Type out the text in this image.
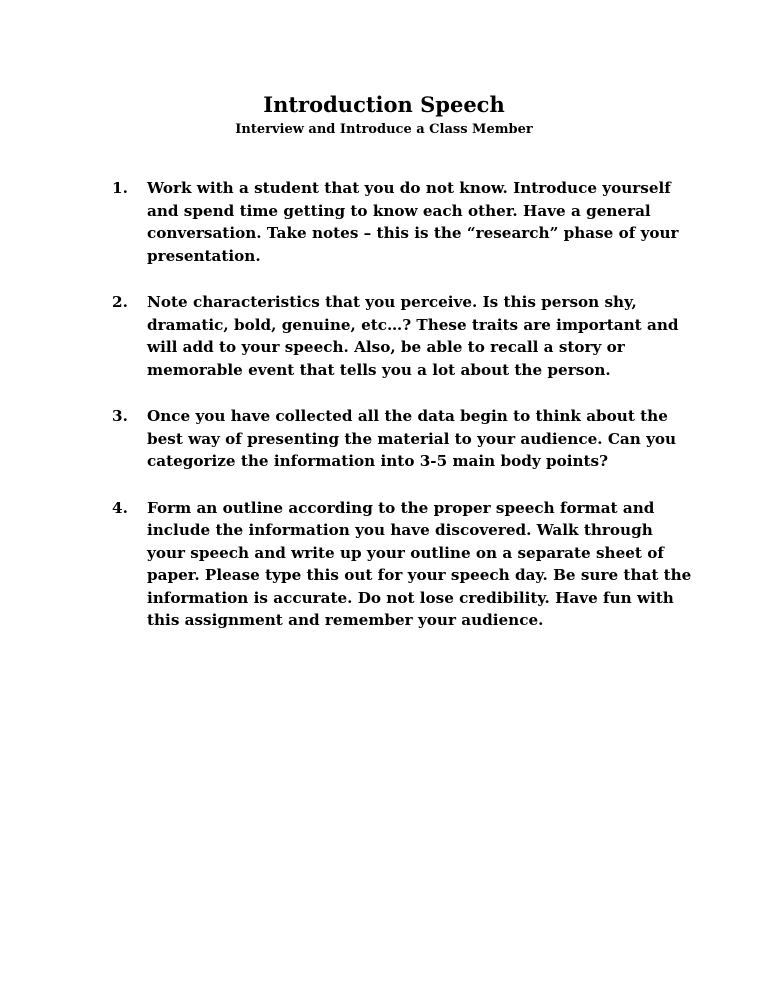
Introduction Speech
Interview and Introduce a Class Member
1. Work with a student that you do not know. Introduce yourself and spend time getting to know each other. Have a general conversation. Take notes – this is the “research” phase of your presentation.
2. Note characteristics that you perceive. Is this person shy, dramatic, bold, genuine, etc…? These traits are important and will add to your speech. Also, be able to recall a story or memorable event that tells you a lot about the person.
3. Once you have collected all the data begin to think about the best way of presenting the material to your audience. Can you categorize the information into 3-5 main body points?
4. Form an outline according to the proper speech format and include the information you have discovered. Walk through your speech and write up your outline on a separate sheet of paper. Please type this out for your speech day. Be sure that the information is accurate. Do not lose credibility. Have fun with this assignment and remember your audience.
